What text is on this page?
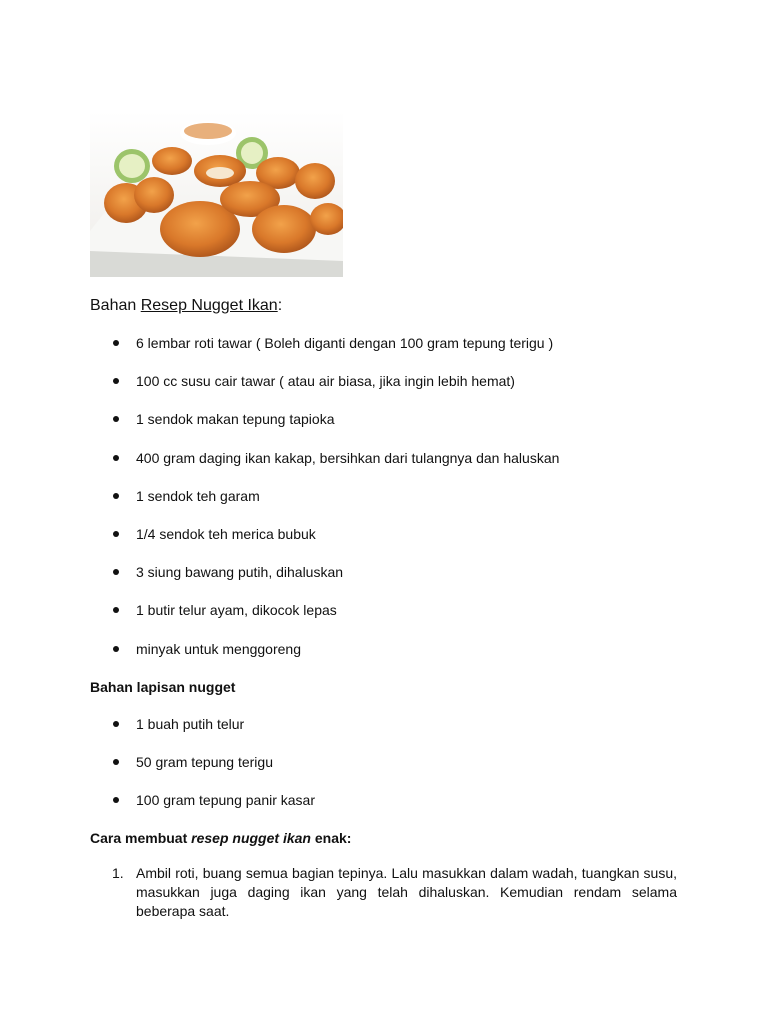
Bahan Resep Nugget Ikan:
6 lembar roti tawar ( Boleh diganti dengan 100 gram tepung terigu )
100 cc susu cair tawar ( atau air biasa, jika ingin lebih hemat)
1 sendok makan tepung tapioka
400 gram daging ikan kakap, bersihkan dari tulangnya dan haluskan
1 sendok teh garam
1/4 sendok teh merica bubuk
3 siung bawang putih, dihaluskan
1 butir telur ayam, dikocok lepas
minyak untuk menggoreng
Bahan lapisan nugget
1 buah putih telur
50 gram tepung terigu
100 gram tepung panir kasar
Cara membuat resep nugget ikan enak:
1. Ambil roti, buang semua bagian tepinya. Lalu masukkan dalam wadah, tuangkan susu, masukkan juga daging ikan yang telah dihaluskan. Kemudian rendam selama beberapa saat.
